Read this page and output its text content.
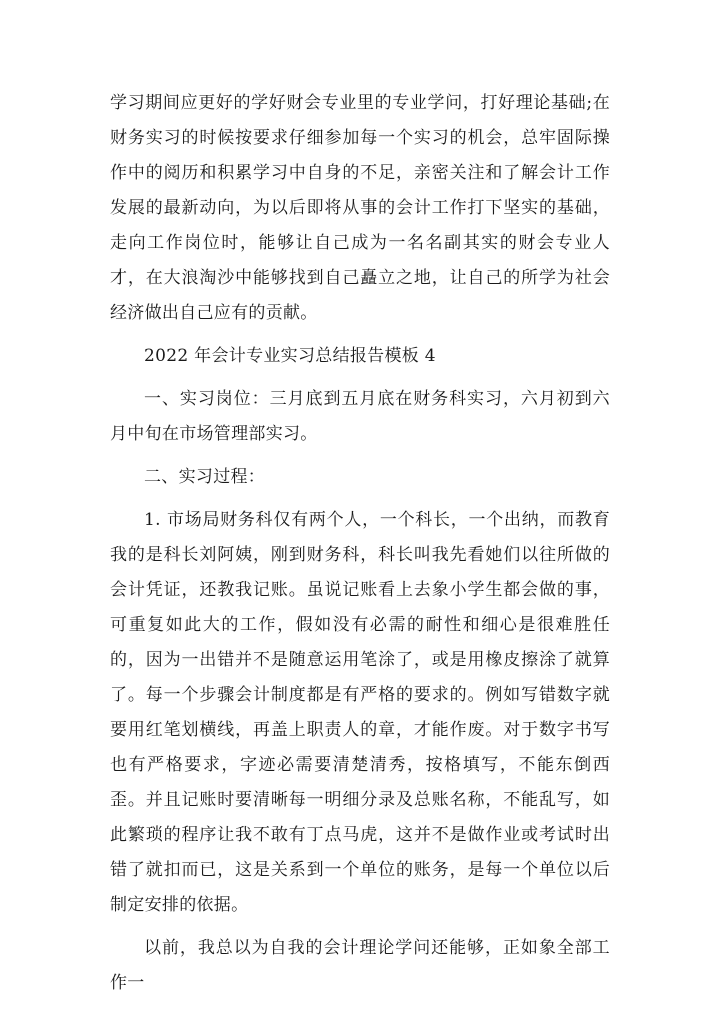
学习期间应更好的学好财会专业里的专业学问，打好理论基础;在财务实习的时候按要求仔细参加每一个实习的机会，总牢固际操作中的阅历和积累学习中自身的不足，亲密关注和了解会计工作发展的最新动向，为以后即将从事的会计工作打下坚实的基础，走向工作岗位时，能够让自己成为一名名副其实的财会专业人才，在大浪淘沙中能够找到自己矗立之地，让自己的所学为社会经济做出自己应有的贡献。

2022 年会计专业实习总结报告模板 4

一、实习岗位：三月底到五月底在财务科实习，六月初到六月中旬在市场管理部实习。

二、实习过程：

1. 市场局财务科仅有两个人，一个科长，一个出纳，而教育我的是科长刘阿姨，刚到财务科，科长叫我先看她们以往所做的会计凭证，还教我记账。虽说记账看上去象小学生都会做的事，可重复如此大的工作，假如没有必需的耐性和细心是很难胜任的，因为一出错并不是随意运用笔涂了，或是用橡皮擦涂了就算了。每一个步骤会计制度都是有严格的要求的。例如写错数字就要用红笔划横线，再盖上职责人的章，才能作废。对于数字书写也有严格要求，字迹必需要清楚清秀，按格填写，不能东倒西歪。并且记账时要清晰每一明细分录及总账名称，不能乱写，如此繁琐的程序让我不敢有丁点马虎，这并不是做作业或考试时出错了就扣而已，这是关系到一个单位的账务，是每一个单位以后制定安排的依据。

以前，我总以为自我的会计理论学问还能够，正如象全部工作一
